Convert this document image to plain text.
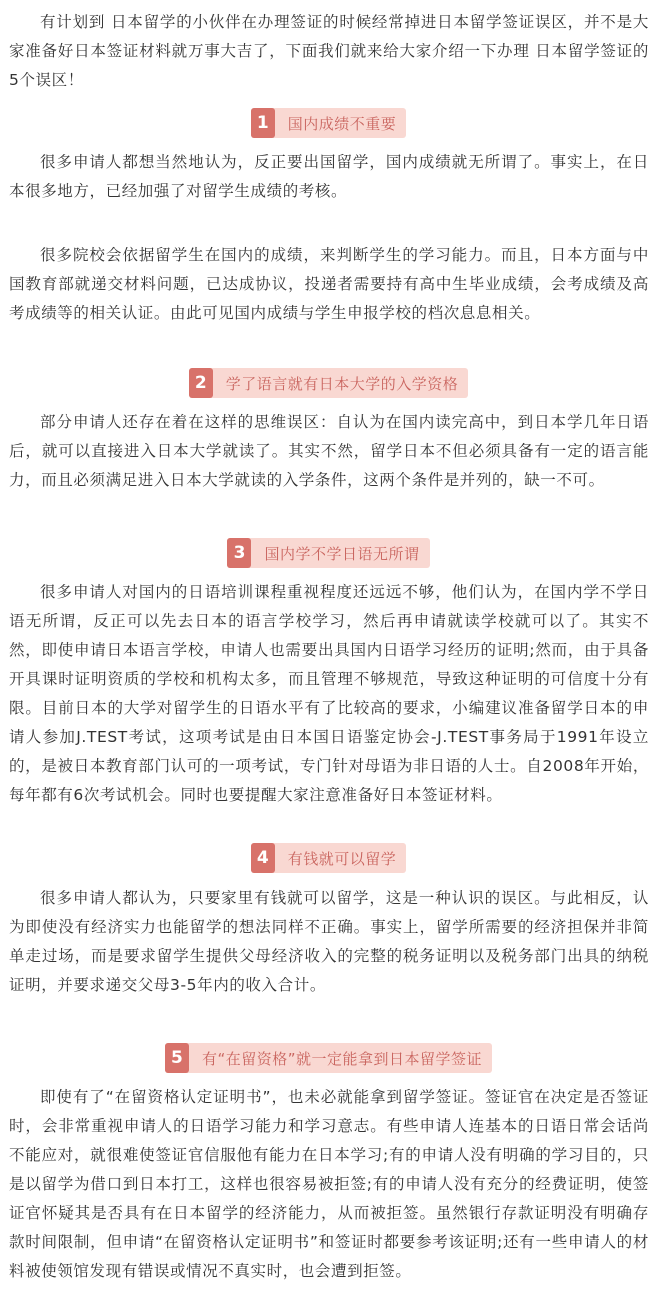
有计划到 日本留学的小伙伴在办理签证的时候经常掉进日本留学签证误区，并不是大家准备好日本签证材料就万事大吉了，下面我们就来给大家介绍一下办理 日本留学签证的5个误区！

1	国内成绩不重要

很多申请人都想当然地认为，反正要出国留学，国内成绩就无所谓了。事实上，在日本很多地方，已经加强了对留学生成绩的考核。

很多院校会依据留学生在国内的成绩，来判断学生的学习能力。而且，日本方面与中国教育部就递交材料问题，已达成协议，投递者需要持有高中生毕业成绩，会考成绩及高考成绩等的相关认证。由此可见国内成绩与学生申报学校的档次息息相关。

2	学了语言就有日本大学的入学资格

部分申请人还存在着在这样的思维误区：自认为在国内读完高中，到日本学几年日语后，就可以直接进入日本大学就读了。其实不然，留学日本不但必须具备有一定的语言能力，而且必须满足进入日本大学就读的入学条件，这两个条件是并列的，缺一不可。

3	国内学不学日语无所谓

很多申请人对国内的日语培训课程重视程度还远远不够，他们认为，在国内学不学日语无所谓，反正可以先去日本的语言学校学习，然后再申请就读学校就可以了。其实不然，即使申请日本语言学校，申请人也需要出具国内日语学习经历的证明;然而，由于具备开具课时证明资质的学校和机构太多，而且管理不够规范，导致这种证明的可信度十分有限。目前日本的大学对留学生的日语水平有了比较高的要求，小编建议准备留学日本的申请人参加J.TEST考试，这项考试是由日本国日语鉴定协会-J.TEST事务局于1991年设立的，是被日本教育部门认可的一项考试，专门针对母语为非日语的人士。自2008年开始，每年都有6次考试机会。同时也要提醒大家注意准备好日本签证材料。

4	有钱就可以留学

很多申请人都认为，只要家里有钱就可以留学，这是一种认识的误区。与此相反，认为即使没有经济实力也能留学的想法同样不正确。事实上，留学所需要的经济担保并非简单走过场，而是要求留学生提供父母经济收入的完整的税务证明以及税务部门出具的纳税证明，并要求递交父母3-5年内的收入合计。

5	有“在留资格”就一定能拿到日本留学签证

即使有了“在留资格认定证明书”，也未必就能拿到留学签证。签证官在决定是否签证时，会非常重视申请人的日语学习能力和学习意志。有些申请人连基本的日语日常会话尚不能应对，就很难使签证官信服他有能力在日本学习;有的申请人没有明确的学习目的，只是以留学为借口到日本打工，这样也很容易被拒签;有的申请人没有充分的经费证明，使签证官怀疑其是否具有在日本留学的经济能力，从而被拒签。虽然银行存款证明没有明确存款时间限制，但申请“在留资格认定证明书”和签证时都要参考该证明;还有一些申请人的材料被使领馆发现有错误或情况不真实时，也会遭到拒签。
